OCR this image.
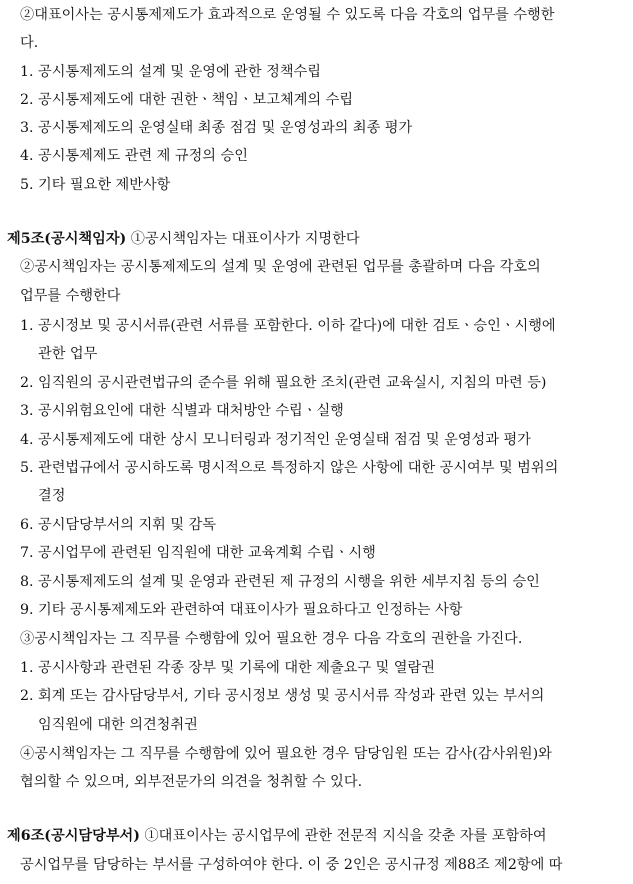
②대표이사는 공시통제제도가 효과적으로 운영될 수 있도록 다음 각호의 업무를 수행한
다.
1. 공시통제제도의 설계 및 운영에 관한 정책수립
2. 공시통제제도에 대한 권한ㆍ책임ㆍ보고체계의 수립
3. 공시통제제도의 운영실태 최종 점검 및 운영성과의 최종 평가
4. 공시통제제도 관련 제 규정의 승인
5. 기타 필요한 제반사항
제5조(공시책임자) ①공시책임자는 대표이사가 지명한다
②공시책임자는 공시통제제도의 설계 및 운영에 관련된 업무를 총괄하며 다음 각호의
업무를 수행한다
1. 공시정보 및 공시서류(관련 서류를 포함한다. 이하 같다)에 대한 검토ㆍ승인ㆍ시행에
관한 업무
2. 임직원의 공시관련법규의 준수를 위해 필요한 조치(관련 교육실시, 지침의 마련 등)
3. 공시위험요인에 대한 식별과 대처방안 수립ㆍ실행
4. 공시통제제도에 대한 상시 모니터링과 정기적인 운영실태 점검 및 운영성과 평가
5. 관련법규에서 공시하도록 명시적으로 특정하지 않은 사항에 대한 공시여부 및 범위의
결정
6. 공시담당부서의 지휘 및 감독
7. 공시업무에 관련된 임직원에 대한 교육계획 수립ㆍ시행
8. 공시통제제도의 설계 및 운영과 관련된 제 규정의 시행을 위한 세부지침 등의 승인
9. 기타 공시통제제도와 관련하여 대표이사가 필요하다고 인정하는 사항
③공시책임자는 그 직무를 수행함에 있어 필요한 경우 다음 각호의 권한을 가진다.
1. 공시사항과 관련된 각종 장부 및 기록에 대한 제출요구 및 열람권
2. 회계 또는 감사담당부서, 기타 공시정보 생성 및 공시서류 작성과 관련 있는 부서의
임직원에 대한 의견청취권
④공시책임자는 그 직무를 수행함에 있어 필요한 경우 담당임원 또는 감사(감사위원)와
협의할 수 있으며, 외부전문가의 의견을 청취할 수 있다.
제6조(공시담당부서) ①대표이사는 공시업무에 관한 전문적 지식을 갖춘 자를 포함하여
공시업무를 담당하는 부서를 구성하여야 한다. 이 중 2인은 공시규정 제88조 제2항에 따
